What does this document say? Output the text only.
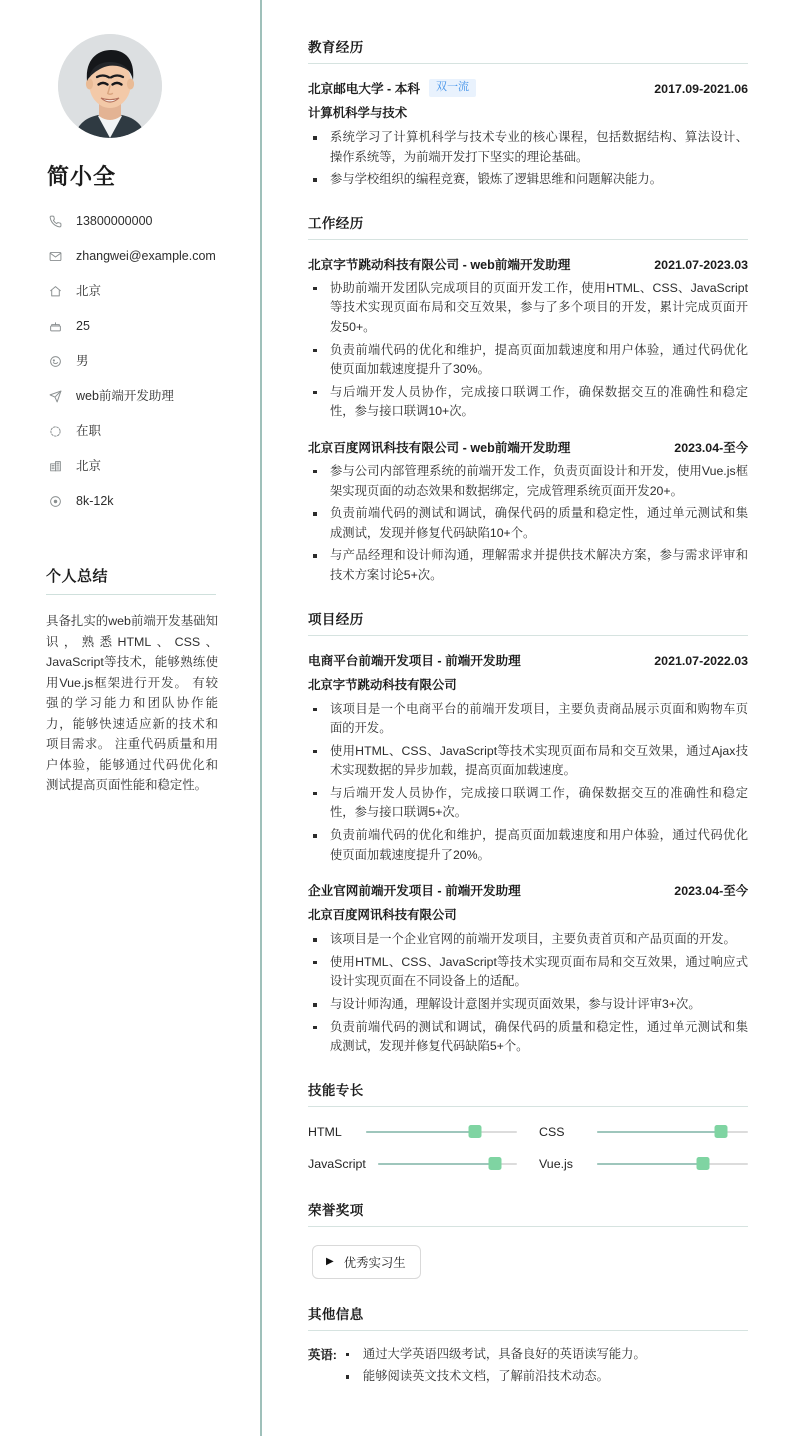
简小全
13800000000
zhangwei@example.com
北京
25
男
web前端开发助理
在职
北京
8k-12k
个人总结

具备扎实的web前端开发基础知识，熟悉HTML、CSS、JavaScript等技术，能够熟练使用Vue.js框架进行开发。 有较强的学习能力和团队协作能力，能够快速适应新的技术和项目需求。 注重代码质量和用户体验，能够通过代码优化和测试提高页面性能和稳定性。

教育经历
北京邮电大学 - 本科	双一流	2017.09-2021.06
计算机科学与技术
系统学习了计算机科学与技术专业的核心课程，包括数据结构、算法设计、操作系统等，为前端开发打下坚实的理论基础。
参与学校组织的编程竞赛，锻炼了逻辑思维和问题解决能力。
工作经历
北京字节跳动科技有限公司 - web前端开发助理	2021.07-2023.03
协助前端开发团队完成项目的页面开发工作，使用HTML、CSS、JavaScript等技术实现页面布局和交互效果，参与了多个项目的开发，累计完成页面开发50+。
负责前端代码的优化和维护，提高页面加载速度和用户体验，通过代码优化使页面加载速度提升了30%。
与后端开发人员协作，完成接口联调工作，确保数据交互的准确性和稳定性，参与接口联调10+次。
北京百度网讯科技有限公司 - web前端开发助理	2023.04-至今
参与公司内部管理系统的前端开发工作，负责页面设计和开发，使用Vue.js框架实现页面的动态效果和数据绑定，完成管理系统页面开发20+。
负责前端代码的测试和调试，确保代码的质量和稳定性，通过单元测试和集成测试，发现并修复代码缺陷10+个。
与产品经理和设计师沟通，理解需求并提供技术解决方案，参与需求评审和技术方案讨论5+次。
项目经历
电商平台前端开发项目 - 前端开发助理	2021.07-2022.03
北京字节跳动科技有限公司
该项目是一个电商平台的前端开发项目，主要负责商品展示页面和购物车页面的开发。
使用HTML、CSS、JavaScript等技术实现页面布局和交互效果，通过Ajax技术实现数据的异步加载，提高页面加载速度。
与后端开发人员协作，完成接口联调工作，确保数据交互的准确性和稳定性，参与接口联调5+次。
负责前端代码的优化和维护，提高页面加载速度和用户体验，通过代码优化使页面加载速度提升了20%。
企业官网前端开发项目 - 前端开发助理	2023.04-至今
北京百度网讯科技有限公司
该项目是一个企业官网的前端开发项目，主要负责首页和产品页面的开发。
使用HTML、CSS、JavaScript等技术实现页面布局和交互效果，通过响应式设计实现页面在不同设备上的适配。
与设计师沟通，理解设计意图并实现页面效果，参与设计评审3+次。
负责前端代码的测试和调试，确保代码的质量和稳定性，通过单元测试和集成测试，发现并修复代码缺陷5+个。
技能专长
HTML	CSS
JavaScript	Vue.js
荣誉奖项
▶ 优秀实习生
其他信息
英语:	通过大学英语四级考试，具备良好的英语读写能力。
能够阅读英文技术文档，了解前沿技术动态。
